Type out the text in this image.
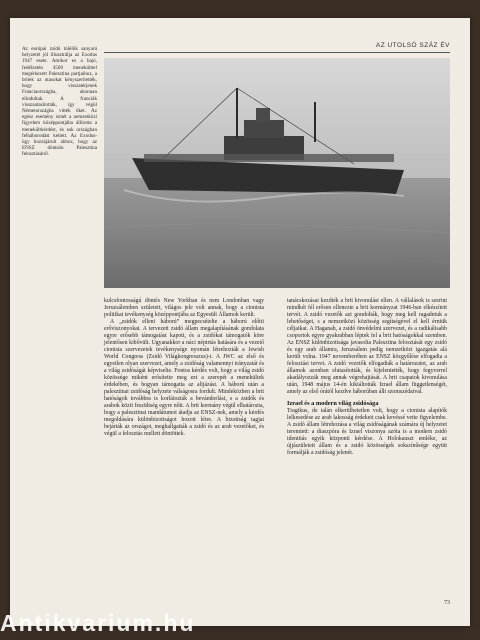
AZ UTOLSÓ SZÁZ ÉV
Az európai zsidó túlélők sanyarú helyzetét jól illusztrálja az Exodus 1947 esete. Amikor ez a hajó, fedélzetén 4500 menekülttel megérkezett Palesztina partjaihoz, a britek az utasokat kényszerítették, hogy visszatérjenek Franciaországba, ahonnan elindultak. A franciák visszautasították, így végül Németországba vitték őket. Az egész esemény ismét a nemzetközi figyelem középpontjába állította a menekültkérdést, és sok országban felháborodást keltett. Az Exodus-ügy hozzájárult ahhoz, hogy az ENSZ döntsön Palesztina felosztásáról.
kulcsfontosságú döntés New Yorkban és nem Londonban vagy Jeruzsálemben született, világos jele volt annak, hogy a cionista politikai tevékenység középpontjába az Egyesült Államok került.
A „zsidók elleni háború” megpecsételte a háború előtti erőviszonyokat. A tervezett zsidó állam megalapításának gondolata egyre erősebb támogatást kapott, és a zsidókat támogatók köre jelentősen kibővült. Ugyanakkor a náci népirtás hatására és a vezető cionista szervezetek tevékenysége nyomán létrehozták a Jewish World Congress (Zsidó Világkongresszus)-t. A JWC az első és egyetlen olyan szervezet, amely a zsidóság valamennyi irányzatát és a világ zsidóságát képviselte. Fontos kérdés volt, hogy a világ zsidó közössége miként erősítette meg ezt a szerepét a menekültek érdekében, és hogyan támogatta az alijázást. A háború után a palesztinai zsidóság helyzete válságosra fordult. Mindeközben a brit hatóságok továbbra is korlátozták a bevándorlást, s a zsidók és arabok közti feszültség egyre nőtt. A brit kormány végül elhatározta, hogy a palesztinai mandátumot átadja az ENSZ-nek, amely a kérdés megoldására különbizottságot hozott létre. A bizottság tagjai bejárták az országot, meghallgatták a zsidó és az arab vezetőket, és végül a felosztás mellett döntöttek.
tanácskozásai kezdték a brit kivonulást ellen. A vállalások is szerint mindkét fél erősen ellenezte a brit kormányzat 1946-ban elkészített tervét. A zsidó vezetők azt gondolták, hogy meg kell ragadniuk a lehetőséget, s a nemzetközi közösség segítségével el kell érniük céljaikat. A Haganah, a zsidó önvédelmi szervezet, és a radikálisabb csoportok egyre gyakrabban léptek fel a brit hatóságokkal szemben. Az ENSZ különbizottsága javasolta Palesztina felosztását egy zsidó és egy arab államra, Jeruzsálem pedig nemzetközi igazgatás alá került volna. 1947 novemberében az ENSZ közgyűlése elfogadta a felosztási tervet. A zsidó vezetők elfogadták a határozatot, az arab államok azonban elutasították, és kijelentették, hogy fegyverrel akadályozzák meg annak végrehajtását. A brit csapatok kivonulása után, 1948 május 14-én kikiáltották Izrael állam függetlenségét, amely az első órától kezdve háborúban állt szomszédaival.
Izrael és a modern világ zsidósága
Tragikus, de talán elkerülhetetlen volt, hogy a cionista alapítók lelkesedése az arab lakosság érdekeit csak kevéssé vette figyelembe. A zsidó állam létrehozása a világ zsidóságának számára új helyzetet teremtett: a diaszpóra és Izrael viszonya azóta is a modern zsidó identitás egyik központi kérdése. A Holokauszt emléke, az újjászületett állam és a zsidó közösségek sokszínűsége együtt formálják a zsidóság jelenét.
73
Antikvarium.hu
